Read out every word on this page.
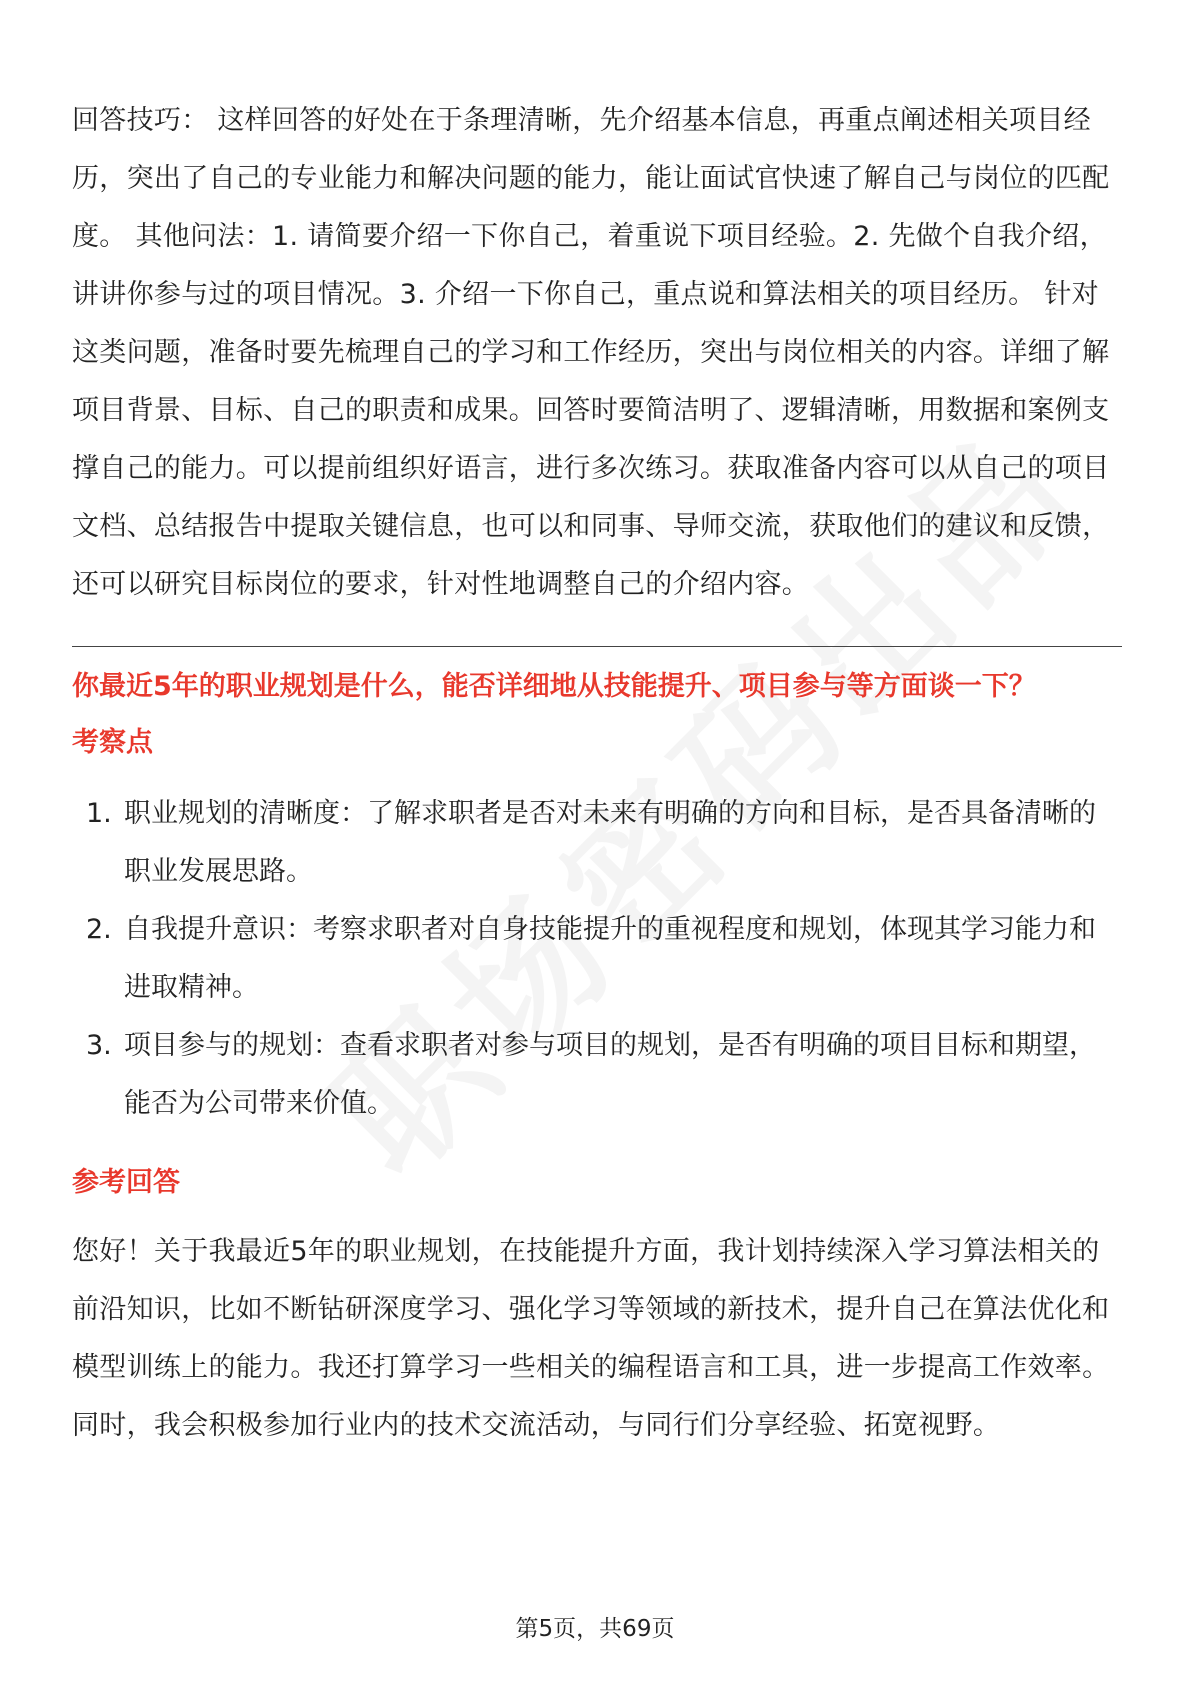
回答技巧： 这样回答的好处在于条理清晰，先介绍基本信息，再重点阐述相关项目经历，突出了自己的专业能力和解决问题的能力，能让面试官快速了解自己与岗位的匹配度。 其他问法：1. 请简要介绍一下你自己，着重说下项目经验。2. 先做个自我介绍，讲讲你参与过的项目情况。3. 介绍一下你自己，重点说和算法相关的项目经历。 针对这类问题，准备时要先梳理自己的学习和工作经历，突出与岗位相关的内容。详细了解项目背景、目标、自己的职责和成果。回答时要简洁明了、逻辑清晰，用数据和案例支撑自己的能力。可以提前组织好语言，进行多次练习。获取准备内容可以从自己的项目文档、总结报告中提取关键信息，也可以和同事、导师交流，获取他们的建议和反馈，还可以研究目标岗位的要求，针对性地调整自己的介绍内容。

你最近5年的职业规划是什么，能否详细地从技能提升、项目参与等方面谈一下？

考察点

1. 职业规划的清晰度：了解求职者是否对未来有明确的方向和目标，是否具备清晰的职业发展思路。
2. 自我提升意识：考察求职者对自身技能提升的重视程度和规划，体现其学习能力和进取精神。
3. 项目参与的规划：查看求职者对参与项目的规划，是否有明确的项目目标和期望，能否为公司带来价值。

参考回答

您好！关于我最近5年的职业规划，在技能提升方面，我计划持续深入学习算法相关的前沿知识，比如不断钻研深度学习、强化学习等领域的新技术，提升自己在算法优化和模型训练上的能力。我还打算学习一些相关的编程语言和工具，进一步提高工作效率。同时，我会积极参加行业内的技术交流活动，与同行们分享经验、拓宽视野。

第5页，共69页
